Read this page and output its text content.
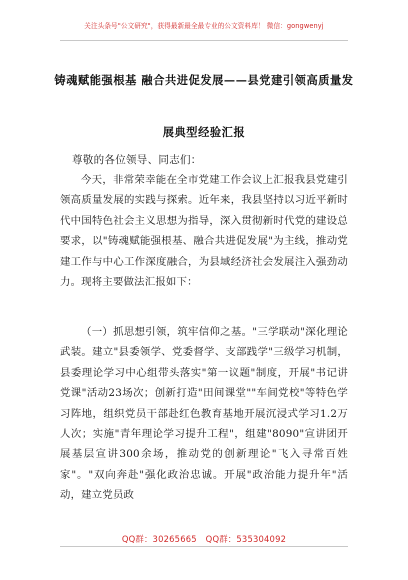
关注头条号"公文研究"，获得最新最全最专业的公文资料库！ 微信：gongwenyj
铸魂赋能强根基 融合共进促发展——县党建引领高质量发
展典型经验汇报
尊敬的各位领导、同志们：
今天，非常荣幸能在全市党建工作会议上汇报我县党建引领高质量发展的实践与探索。近年来，我县坚持以习近平新时代中国特色社会主义思想为指导，深入贯彻新时代党的建设总要求，以"铸魂赋能强根基、融合共进促发展"为主线，推动党建工作与中心工作深度融合，为县域经济社会发展注入强劲动力。现将主要做法汇报如下：
（一）抓思想引领，筑牢信仰之基。"三学联动"深化理论武装。建立"县委领学、党委督学、支部践学"三级学习机制，县委理论学习中心组带头落实"第一议题"制度，开展"书记讲党课"活动23场次；创新打造"田间课堂""车间党校"等特色学习阵地，组织党员干部赴红色教育基地开展沉浸式学习1.2万人次；实施"青年理论学习提升工程"，组建"8090"宣讲团开展基层宣讲300余场，推动党的创新理论"飞入寻常百姓家"。"双向奔赴"强化政治忠诚。开展"政治能力提升年"活动，建立党员政
QQ群：30265665 QQ群：535304092
